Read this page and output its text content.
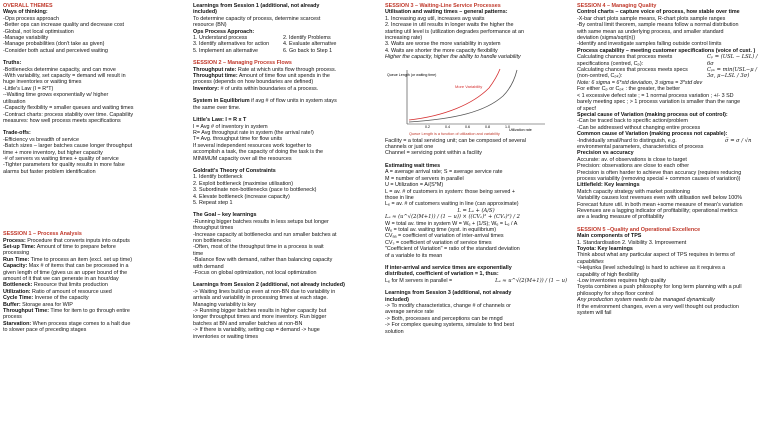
OVERALL THEMES
Ways of thinking:
-Ops process approach
-Better ops can increase quality and decrease cost
-Global, not local optimisation
-Manage variability
-Manage probabilities (don't take as given)
-Consider both actual and perceived waiting
Truths:
-Bottlenecks determine capacity, and can move
-With variability, set capacity = demand will result in
huge inventories or waiting times
-Little's Law (I = R*T)
--Waiting time grows exponentially w/ higher
utilisation
-Capacity flexibility = smaller queues and waiting times
-Contract charts: process stability over time. Capability
measures: how well process meets specifications
Trade-offs:
-Efficiency vs breadth of service
-Batch sizes – larger batches cause longer throughput
time + more inventory, but higher capacity
-# of servers vs waiting times + quality of service
-Tighter parameters for quality results in more false
alarms but faster problem identification
SESSION 1 – Process Analysis
Process: Procedure that converts inputs into outputs
Set-up Time: Amount of time to prepare before
processing
Run Time: Time to process an item (excl. set up time)
Capacity: Max # of items that can be processed in a
given length of time (gives us an upper bound of the
amount of it that we can generate in an hour/day
Bottleneck: Resource that limits production
Utilization: Ratio of amount of resource used
Cycle Time: Inverse of the capacity
Buffer: Storage area for WIP
Throughput Time: Time for item to go through entire
process
Starvation: When process stage comes to a halt due
to slower pace of preceding stages
Learnings from Session 1 (additional, not already
included)
To determine capacity of process, determine scarcest
resource (BN)
Ops Process Approach:
1. Understand process
3. Identify alternatives for action
5. Implement an alternative
2. Identify Problems
4. Evaluate alternative
6. Go back to Step 1
SESSION 2 – Managing Process Flows
Throughput rate: Rate at which units flow through process.
Throughput time: Amount of time flow unit spends in the
process (depends on how boundaries are defined)
Inventory: # of units within boundaries of a process.
System in Equilibrium if avg # of flow units in system stays
the same over time.
Little's Law: I = R x T
I = Avg # of inventory in system
R= Avg throughput rate in system (the arrival rate!)
T= Avg. throughput time for flow units
If several independent resources work together to
accomplish a task, the capacity of doing the task is the
MINIMUM capacity over all the resources
Goldratt's Theory of Constraints
1. Identify bottleneck
2. Exploit bottleneck (maximise utilisation)
3. Subordinate non-bottlenecks (pace to bottleneck)
4. Elevate bottleneck (increase capacity)
5. Repeat step 1
The Goal – key learnings
-Running bigger batches results in less setups but longer
throughput times
-Increase capacity at bottlenecks and run smaller batches at
non bottlenecks
-Often, most of the throughput time in a process is wait
time
-Balance flow with demand, rather than balancing capacity
with demand
-Focus on global optimization, not local optimization
Learnings from Session 2 (additional, not already included)
-> Waiting lines build up even at non-BN due to variability in
arrivals and variability in processing times at each stage.
Managing variability is key
-> Running bigger batches results in higher capacity but
longer throughput times and more inventory. Run bigger
batches at BN and smaller batches at non-BN
-> If there is variability, setting cap = demand -> huge
inventories or waiting times
SESSION 3 – Waiting-Line Service Processes
Utilisation and waiting times – general patterns:
1. Increasing avg util, increases avg waits
2. Increase in util results in longer waits the higher the
starting util level is (utilization degrades performance at an
increasing rate)
3. Waits are worse the more variability in system
4. Waits are shorter the more capacity flexibility
Higher the capacity, higher the ability to handle variability
Queue Length (or waiting time)
More Variability
0.2	0.4	0.6	0.8	1.0
Utilization rate
Queue Length is a function of utilization and variability
Facility = a total servicing unit; can be composed of several
channels or just one
Channel = servicing point within a facility
Estimating wait times
A = average arrival rate; S = average service rate
M = number of servers in parallel
U = Utilization = A/(S*M)
L = av. # of customers in system: those being served +
those in line
Lₑ = av. # of customers waiting in line (can approximate)
L = Lₑ + (A/S)
Lₑ ≈ (u^√(2(M+1)) / (1 − u)) × ((CVₐ)² + (CVₛ)²) / 2
W = total av. time in system W = Wₑ + (1/S); Wₑ = Lₑ / A
Wₑ = total av. waiting time (syst. in equilibrium)
CVₐₐ = coefficient of variation of inter-arrival times
CVₛ = coefficient of variation of service times
"Coefficient of Variation" = ratio of the standard deviation
of a variable to its mean
If inter-arrival and service times are exponentially
distributed, coefficient of variation = 1, thus:
Lₑ for M servers in parallel =	Lₑ ≈ u^√(2(M+1)) / (1 − u)
Learnings from Session 3 (additional, not already
included)
-> To modify characteristics, change # of channels or
average service rate
-> Both, processes and perceptions can be mngd
-> For complex queuing systems, simulate to find best
solution
SESSION 4 – Managing Quality
Control charts – capture voice of process, how stable over time
-X-bar chart plots sample means, R-chart plots sample ranges
-By central limit theorem, sample means follow a normal distribution
with same mean as underlying process, and smaller standard
deviation (sigma/sqrt(n))
-Identify and investigate samples falling outside control limits
Process capability – meeting customer specifications (voice of cust. )
Calculating chances that process meets
specifications (centred, Cₚ):
Calculating chances that process meets specs
(non-centred, Cₚₖ):
Note: 6 sigma = 6*std deviation, 3 sigma = 3*std dev
Cₚ = (USL − LSL) / 6σ
Cₚₖ = min(USL−μ / 3σ, μ−LSL / 3σ)
For either Cₚ or Cₚₖ : the greater, the better
< 1 excessive defect rate ; = 1 normal process variation ; +/- 3 SD
barely meeting spec ; > 1 process variation is smaller than the range
of specf
Special cause of Variation (making process out of control):
-Can be traced back to specific action/problem
-Can be addressed without changing entire process
Common cause of Variation (making process not capable):
-Individually small/hard to distinguish, e.g.
environmental parameters, characteristics of process
σ̅ = σ / √n
Precision vs accuracy
Accurate: av. of observations is close to target
Precision: observations are close to each other
Precision is often harder to achieve than accuracy (requires reducing
process variability (removing special + common causes of variation))
Littlefield: Key learnings
Match capacity strategy with market positioning
Variability causes lost revenues even with utilisation well below 100%
Forecast future util. in both mean +some measure of mean's variation
Revenues are a lagging indicator of profitability; operational metrics
are a leading measure of profitability
SESSION 5 –Quality and Operational Excellence
Main components of TPS
1. Standardisation 2. Visibility 3. Improvement
Toyota: Key learnings
Think about what any particular aspect of TPS requires in terms of
capabilities
~Heijunka (level scheduling) is hard to achieve as it requires a
capability of high flexibility
-Low inventories requires high quality
Toyota combines a push philosophy for long term planning with a pull
philosophy for shop floor control
Any production system needs to be managed dynamically
If the environment changes, even a very well thought out production
system will fail
